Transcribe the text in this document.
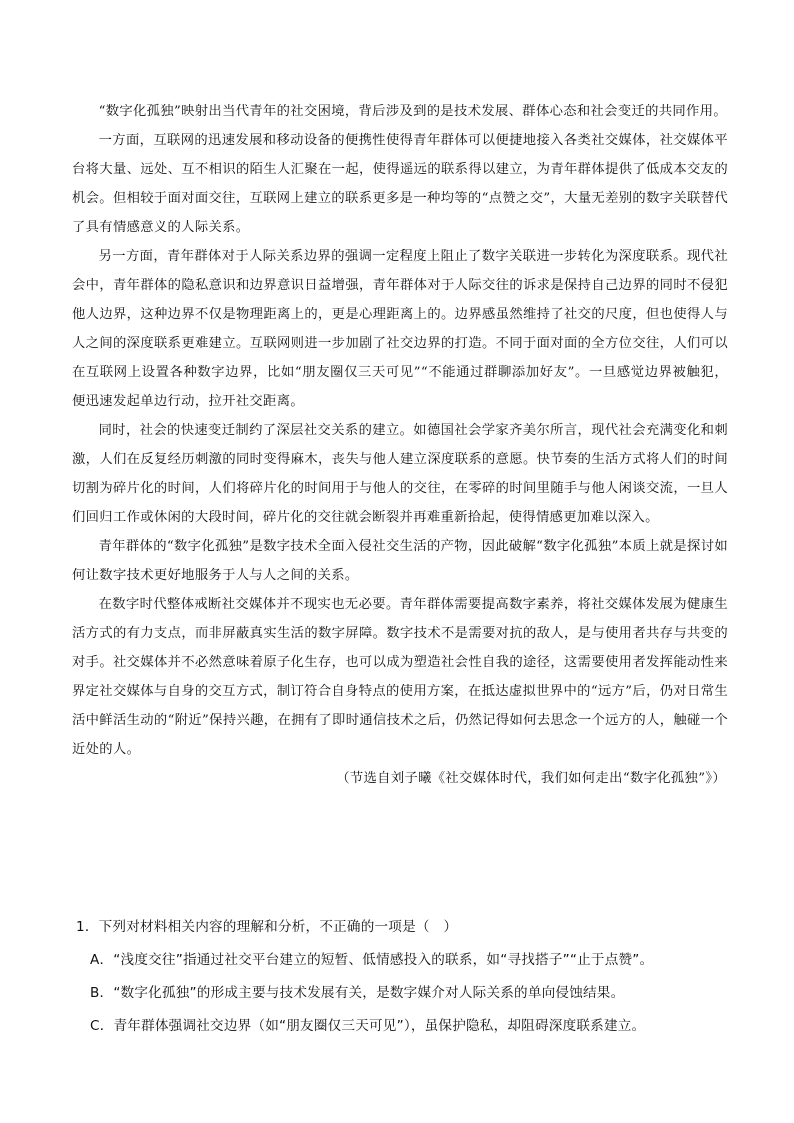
“数字化孤独”映射出当代青年的社交困境，背后涉及到的是技术发展、群体心态和社会变迁的共同作用。

一方面，互联网的迅速发展和移动设备的便携性使得青年群体可以便捷地接入各类社交媒体，社交媒体平台将大量、远处、互不相识的陌生人汇聚在一起，使得遥远的联系得以建立，为青年群体提供了低成本交友的机会。但相较于面对面交往，互联网上建立的联系更多是一种均等的“点赞之交”，大量无差别的数字关联替代了具有情感意义的人际关系。

另一方面，青年群体对于人际关系边界的强调一定程度上阻止了数字关联进一步转化为深度联系。现代社会中，青年群体的隐私意识和边界意识日益增强，青年群体对于人际交往的诉求是保持自己边界的同时不侵犯他人边界，这种边界不仅是物理距离上的，更是心理距离上的。边界感虽然维持了社交的尺度，但也使得人与人之间的深度联系更难建立。互联网则进一步加剧了社交边界的打造。不同于面对面的全方位交往，人们可以在互联网上设置各种数字边界，比如“朋友圈仅三天可见”“不能通过群聊添加好友”。一旦感觉边界被触犯，便迅速发起单边行动，拉开社交距离。

同时，社会的快速变迁制约了深层社交关系的建立。如德国社会学家齐美尔所言，现代社会充满变化和刺激，人们在反复经历刺激的同时变得麻木，丧失与他人建立深度联系的意愿。快节奏的生活方式将人们的时间切割为碎片化的时间，人们将碎片化的时间用于与他人的交往，在零碎的时间里随手与他人闲谈交流，一旦人们回归工作或休闲的大段时间，碎片化的交往就会断裂并再难重新拾起，使得情感更加难以深入。

青年群体的“数字化孤独”是数字技术全面入侵社交生活的产物，因此破解“数字化孤独”本质上就是探讨如何让数字技术更好地服务于人与人之间的关系。

在数字时代整体戒断社交媒体并不现实也无必要。青年群体需要提高数字素养，将社交媒体发展为健康生活方式的有力支点，而非屏蔽真实生活的数字屏障。数字技术不是需要对抗的敌人，是与使用者共存与共变的对手。社交媒体并不必然意味着原子化生存，也可以成为塑造社会性自我的途径，这需要使用者发挥能动性来界定社交媒体与自身的交互方式，制订符合自身特点的使用方案，在抵达虚拟世界中的“远方”后，仍对日常生活中鲜活生动的“附近”保持兴趣，在拥有了即时通信技术之后，仍然记得如何去思念一个远方的人，触碰一个近处的人。

（节选自刘子曦《社交媒体时代，我们如何走出“数字化孤独”》）

1．下列对材料相关内容的理解和分析，不正确的一项是（　）

A．“浅度交往”指通过社交平台建立的短暂、低情感投入的联系，如“寻找搭子”“止于点赞”。

B．“数字化孤独”的形成主要与技术发展有关，是数字媒介对人际关系的单向侵蚀结果。

C．青年群体强调社交边界（如“朋友圈仅三天可见”），虽保护隐私，却阻碍深度联系建立。
